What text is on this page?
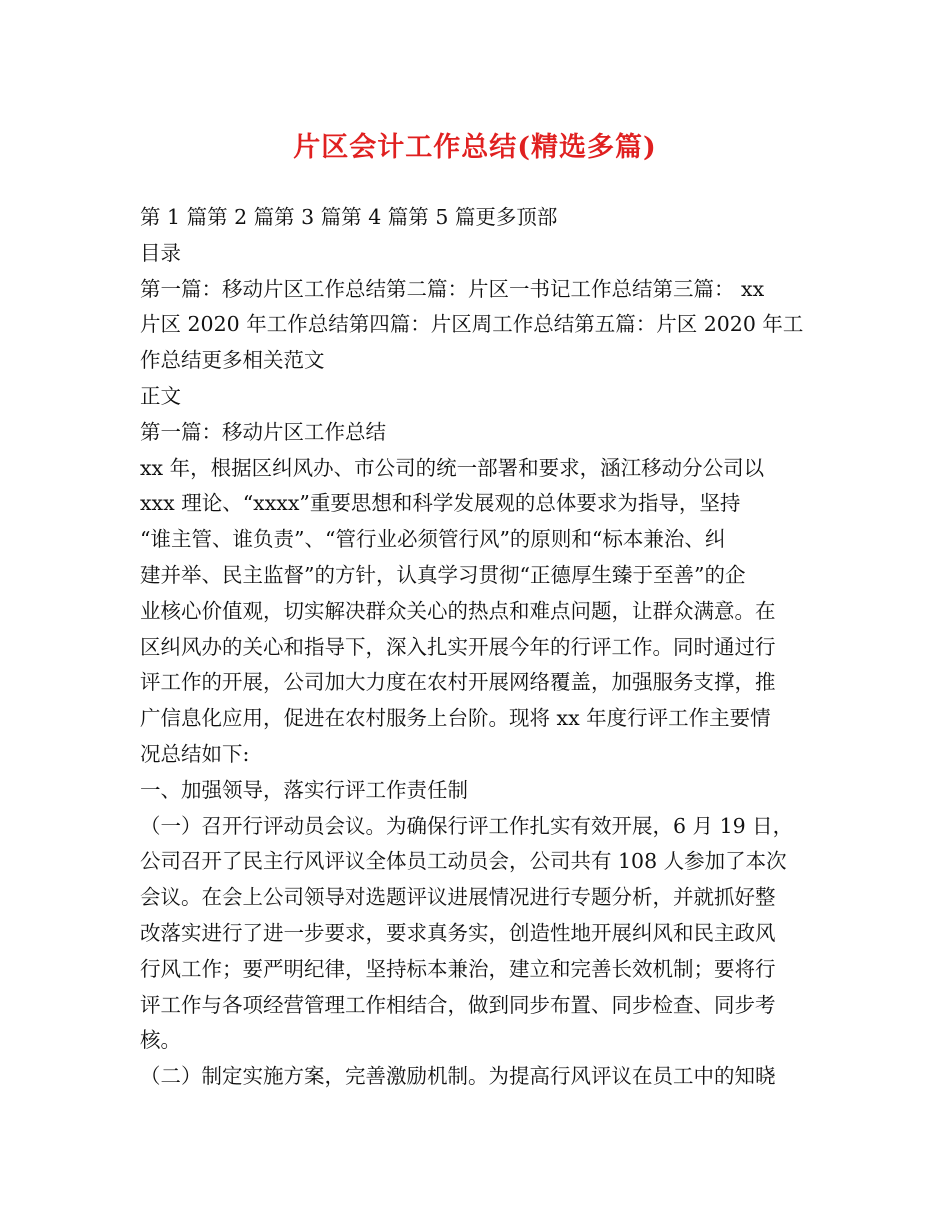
片区会计工作总结(精选多篇)
第 1 篇第 2 篇第 3 篇第 4 篇第 5 篇更多顶部
目录
第一篇：移动片区工作总结第二篇：片区一书记工作总结第三篇： xx
片区 2020 年工作总结第四篇：片区周工作总结第五篇：片区 2020 年工
作总结更多相关范文
正文
第一篇：移动片区工作总结
xx 年，根据区纠风办、市公司的统一部署和要求，涵江移动分公司以
xxx 理论、“xxxx”重要思想和科学发展观的总体要求为指导，坚持
“谁主管、谁负责”、“管行业必须管行风”的原则和“标本兼治、纠
建并举、民主监督”的方针，认真学习贯彻“正德厚生臻于至善”的企
业核心价值观，切实解决群众关心的热点和难点问题，让群众满意。在
区纠风办的关心和指导下，深入扎实开展今年的行评工作。同时通过行
评工作的开展，公司加大力度在农村开展网络覆盖，加强服务支撑，推
广信息化应用，促进在农村服务上台阶。现将 xx 年度行评工作主要情
况总结如下:
一、加强领导，落实行评工作责任制
（一）召开行评动员会议。为确保行评工作扎实有效开展，6 月 19 日，
公司召开了民主行风评议全体员工动员会，公司共有 108 人参加了本次
会议。在会上公司领导对选题评议进展情况进行专题分析，并就抓好整
改落实进行了进一步要求，要求真务实，创造性地开展纠风和民主政风
行风工作；要严明纪律，坚持标本兼治，建立和完善长效机制；要将行
评工作与各项经营管理工作相结合，做到同步布置、同步检查、同步考
核。
（二）制定实施方案，完善激励机制。为提高行风评议在员工中的知晓
